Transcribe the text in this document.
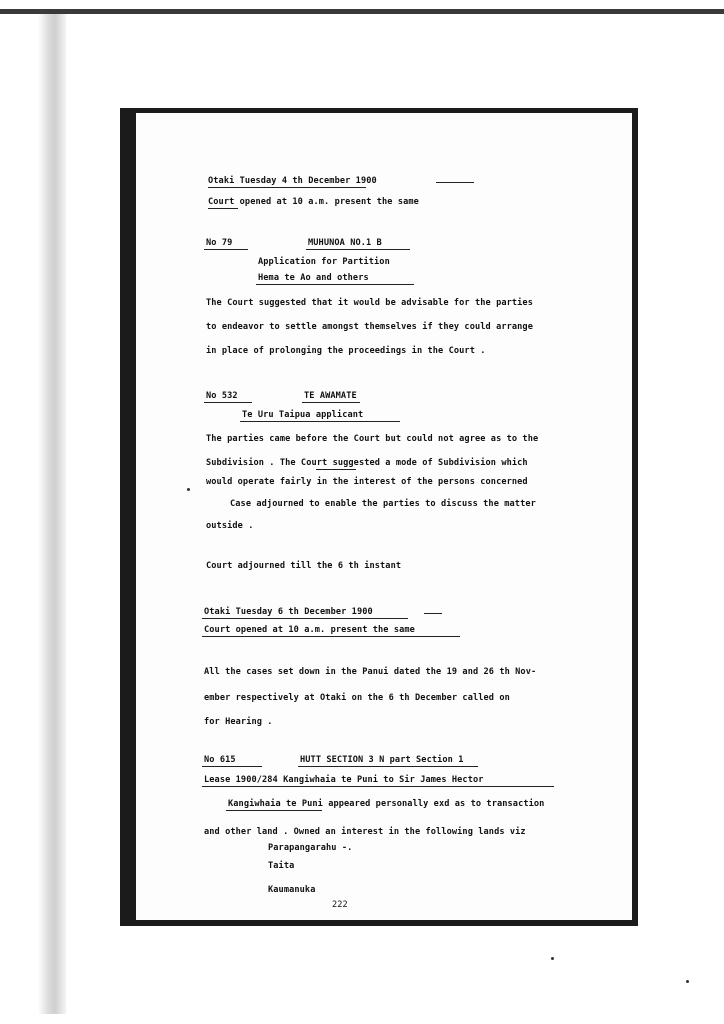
Otaki Tuesday 4 th December 1900
Court opened at 10 a.m. present the same
No 79	MUHUNOA NO.1 B
Application for Partition
Hema te Ao and others
The Court suggested that it would be advisable for the parties
to endeavor to settle amongst themselves if they could arrange
in place of prolonging the proceedings in the Court .
No 532	TE AWAMATE
Te Uru Taipua applicant
The parties came before the Court but could not agree as to the
Subdivision . The Court suggested a mode of Subdivision which
would operate fairly in the interest of the persons concerned
Case adjourned to enable the parties to discuss the matter
outside .
Court adjourned till the 6 th instant
Otaki Tuesday 6 th December 1900
Court opened at 10 a.m. present the same
All the cases set down in the Panui dated the 19 and 26 th Nov-
ember respectively at Otaki on the 6 th December called on
for Hearing .
No 615	HUTT SECTION 3 N part Section 1
Lease 1900/284 Kangiwhaia te Puni to Sir James Hector
Kangiwhaia te Puni appeared personally exd as to transaction
and other land . Owned an interest in the following lands viz
Parapangarahu -.
Taita
Kaumanuka
222
